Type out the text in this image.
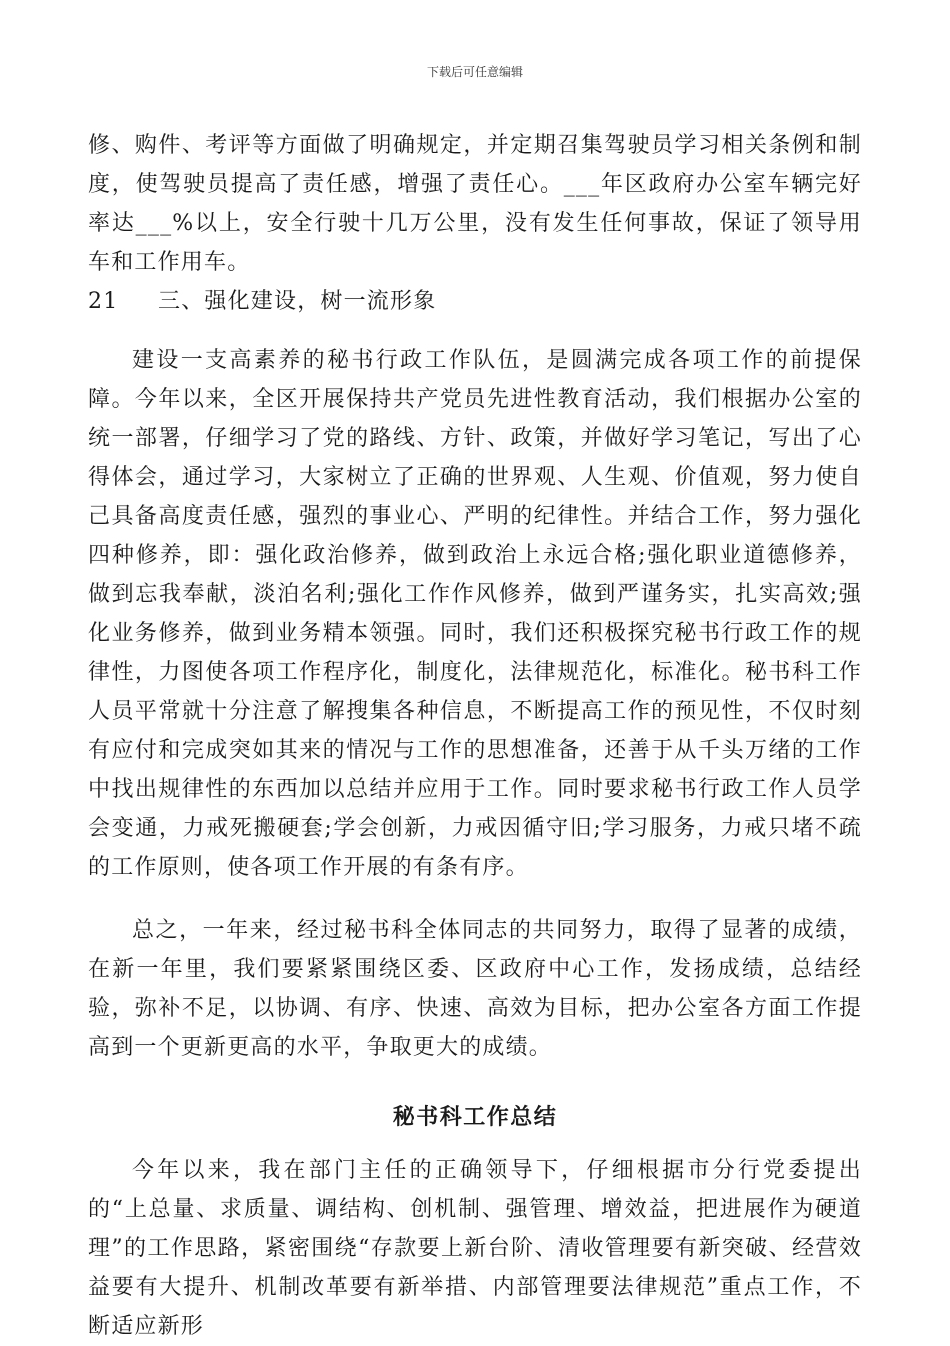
下载后可任意编辑

修、购件、考评等方面做了明确规定，并定期召集驾驶员学习相关条例和制度，使驾驶员提高了责任感，增强了责任心。___年区政府办公室车辆完好率达___%以上，安全行驶十几万公里，没有发生任何事故，保证了领导用车和工作用车。

21 三、强化建设，树一流形象

建设一支高素养的秘书行政工作队伍，是圆满完成各项工作的前提保障。今年以来，全区开展保持共产党员先进性教育活动，我们根据办公室的统一部署，仔细学习了党的路线、方针、政策，并做好学习笔记，写出了心得体会，通过学习，大家树立了正确的世界观、人生观、价值观，努力使自己具备高度责任感，强烈的事业心、严明的纪律性。并结合工作，努力强化四种修养，即：强化政治修养，做到政治上永远合格;强化职业道德修养，做到忘我奉献，淡泊名利;强化工作作风修养，做到严谨务实，扎实高效;强化业务修养，做到业务精本领强。同时，我们还积极探究秘书行政工作的规律性，力图使各项工作程序化，制度化，法律规范化，标准化。秘书科工作人员平常就十分注意了解搜集各种信息，不断提高工作的预见性，不仅时刻有应付和完成突如其来的情况与工作的思想准备，还善于从千头万绪的工作中找出规律性的东西加以总结并应用于工作。同时要求秘书行政工作人员学会变通，力戒死搬硬套;学会创新，力戒因循守旧;学习服务，力戒只堵不疏的工作原则，使各项工作开展的有条有序。

总之，一年来，经过秘书科全体同志的共同努力，取得了显著的成绩，在新一年里，我们要紧紧围绕区委、区政府中心工作，发扬成绩，总结经验，弥补不足，以协调、有序、快速、高效为目标，把办公室各方面工作提高到一个更新更高的水平，争取更大的成绩。

秘书科工作总结

今年以来，我在部门主任的正确领导下，仔细根据市分行党委提出的“上总量、求质量、调结构、创机制、强管理、增效益，把进展作为硬道理”的工作思路，紧密围绕“存款要上新台阶、清收管理要有新突破、经营效益要有大提升、机制改革要有新举措、内部管理要法律规范”重点工作，不断适应新形
